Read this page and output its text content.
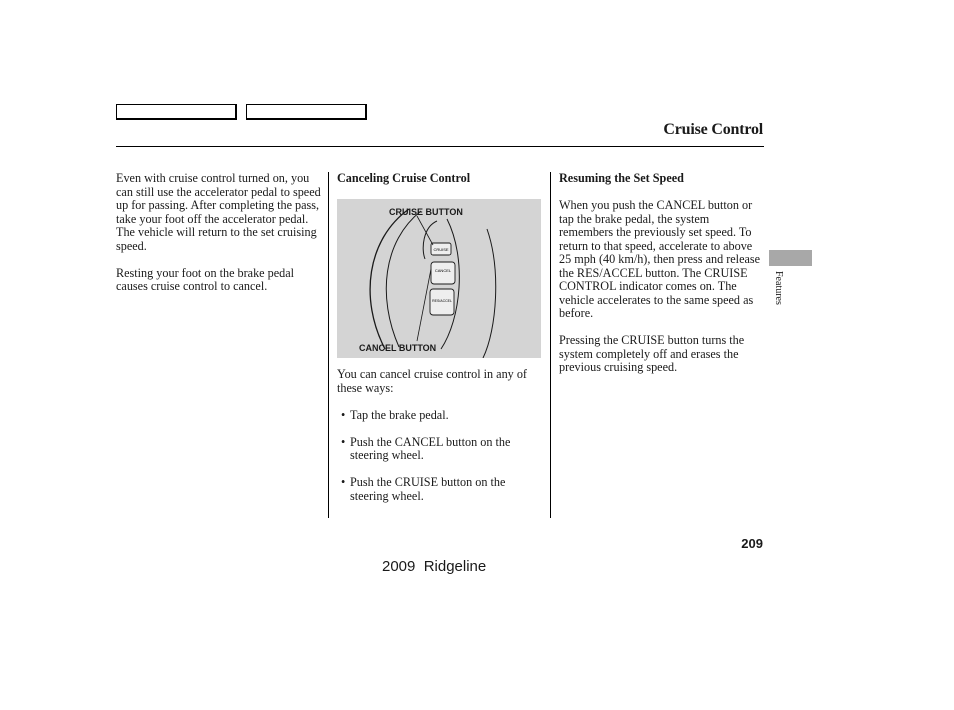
Cruise Control
Features

Even with cruise control turned on, you can still use the accelerator pedal to speed up for passing. After completing the pass, take your foot off the accelerator pedal. The vehicle will return to the set cruising speed.

Resting your foot on the brake pedal causes cruise control to cancel.

Canceling Cruise Control

CRUISE
CANCEL
RES/ACCEL
CRUISE BUTTON
CANCEL BUTTON

You can cancel cruise control in any of these ways:

• Tap the brake pedal.
• Push the CANCEL button on the steering wheel.
• Push the CRUISE button on the steering wheel.

Resuming the Set Speed

When you push the CANCEL button or tap the brake pedal, the system remembers the previously set speed. To return to that speed, accelerate to above 25 mph (40 km/h), then press and release the RES/ACCEL button. The CRUISE CONTROL indicator comes on. The vehicle accelerates to the same speed as before.

Pressing the CRUISE button turns the system completely off and erases the previous cruising speed.

209
2009  Ridgeline
